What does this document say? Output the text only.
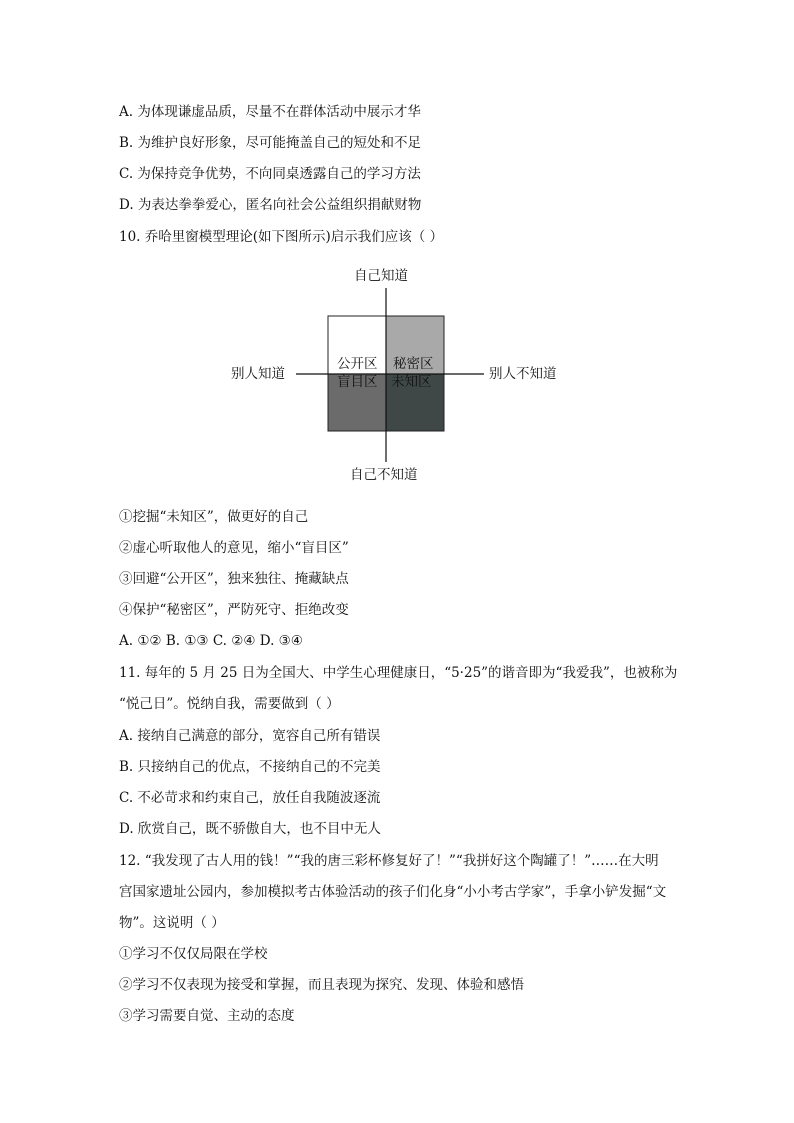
A. 为体现谦虚品质，尽量不在群体活动中展示才华
B. 为维护良好形象，尽可能掩盖自己的短处和不足
C. 为保持竞争优势，不向同桌透露自己的学习方法
D. 为表达拳拳爱心，匿名向社会公益组织捐献财物
10. 乔哈里窗模型理论(如下图所示)启示我们应该（ ）
自己知道
自己不知道
别人知道	别人不知道
公开区 秘密区
盲目区 未知区
①挖掘“未知区”，做更好的自己
②虚心听取他人的意见，缩小“盲目区”
③回避“公开区”，独来独往、掩藏缺点
④保护“秘密区”，严防死守、拒绝改变
A. ①② B. ①③ C. ②④ D. ③④
11. 每年的 5 月 25 日为全国大、中学生心理健康日，“5·25”的谐音即为“我爱我”，也被称为
“悦己日”。悦纳自我，需要做到（ ）
A. 接纳自己满意的部分，宽容自己所有错误
B. 只接纳自己的优点，不接纳自己的不完美
C. 不必苛求和约束自己，放任自我随波逐流
D. 欣赏自己，既不骄傲自大，也不目中无人
12. “我发现了古人用的钱！”“我的唐三彩杯修复好了！”“我拼好这个陶罐了！”……在大明
宫国家遗址公园内，参加模拟考古体验活动的孩子们化身“小小考古学家”，手拿小铲发掘“文
物”。这说明（ ）
①学习不仅仅局限在学校
②学习不仅表现为接受和掌握，而且表现为探究、发现、体验和感悟
③学习需要自觉、主动的态度
